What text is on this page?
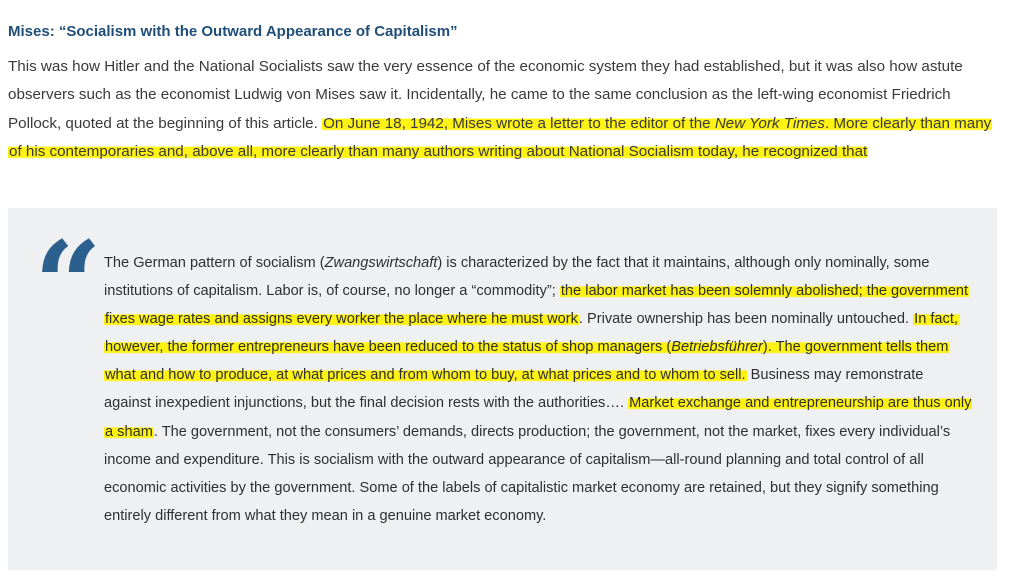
Mises: “Socialism with the Outward Appearance of Capitalism”

This was how Hitler and the National Socialists saw the very essence of the economic system they had established, but it was also how astute observers such as the economist Ludwig von Mises saw it. Incidentally, he came to the same conclusion as the left-wing economist Friedrich Pollock, quoted at the beginning of this article. On June 18, 1942, Mises wrote a letter to the editor of the New York Times. More clearly than many of his contemporaries and, above all, more clearly than many authors writing about National Socialism today, he recognized that

“ The German pattern of socialism (Zwangswirtschaft) is characterized by the fact that it maintains, although only nominally, some institutions of capitalism. Labor is, of course, no longer a “commodity”; the labor market has been solemnly abolished; the government fixes wage rates and assigns every worker the place where he must work. Private ownership has been nominally untouched. In fact, however, the former entrepreneurs have been reduced to the status of shop managers (Betriebsführer). The government tells them what and how to produce, at what prices and from whom to buy, at what prices and to whom to sell. Business may remonstrate against inexpedient injunctions, but the final decision rests with the authorities…. Market exchange and entrepreneurship are thus only a sham. The government, not the consumers’ demands, directs production; the government, not the market, fixes every individual’s income and expenditure. This is socialism with the outward appearance of capitalism—all-round planning and total control of all economic activities by the government. Some of the labels of capitalistic market economy are retained, but they signify something entirely different from what they mean in a genuine market economy.
